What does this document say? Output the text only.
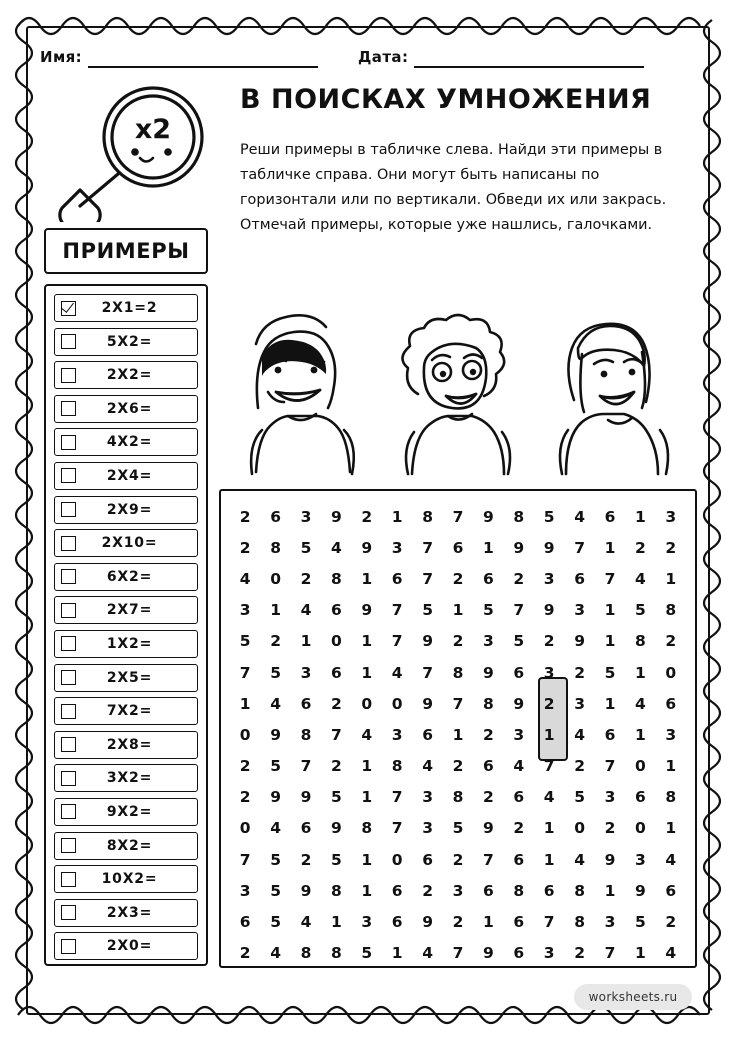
Имя:	Дата:
x2
В ПОИСКАХ УМНОЖЕНИЯ
Реши примеры в табличке слева. Найди эти примеры в табличке справа. Они могут быть написаны по горизонтали или по вертикали. Обведи их или закрась. Отмечай примеры, которые уже нашлись, галочками.
ПРИМЕРЫ
2X1=2
5X2=
2X2=
2X6=
4X2=
2X4=
2X9=
2X10=
6X2=
2X7=
1X2=
2X5=
7X2=
2X8=
3X2=
9X2=
8X2=
10X2=
2X3=
2X0=
2	6	3	9	2	1	8	7	9	8	5	4	6	1	3
2	8	5	4	9	3	7	6	1	9	9	7	1	2	2
4	0	2	8	1	6	7	2	6	2	3	6	7	4	1
3	1	4	6	9	7	5	1	5	7	9	3	1	5	8
5	2	1	0	1	7	9	2	3	5	2	9	1	8	2
7	5	3	6	1	4	7	8	9	6	3	2	5	1	0
1	4	6	2	0	0	9	7	8	9	2	3	1	4	6
0	9	8	7	4	3	6	1	2	3	1	4	6	1	3
2	5	7	2	1	8	4	2	6	4	7	2	7	0	1
2	9	9	5	1	7	3	8	2	6	4	5	3	6	8
0	4	6	9	8	7	3	5	9	2	1	0	2	0	1
7	5	2	5	1	0	6	2	7	6	1	4	9	3	4
3	5	9	8	1	6	2	3	6	8	6	8	1	9	6
6	5	4	1	3	6	9	2	1	6	7	8	3	5	2
2	4	8	8	5	1	4	7	9	6	3	2	7	1	4
worksheets.ru
